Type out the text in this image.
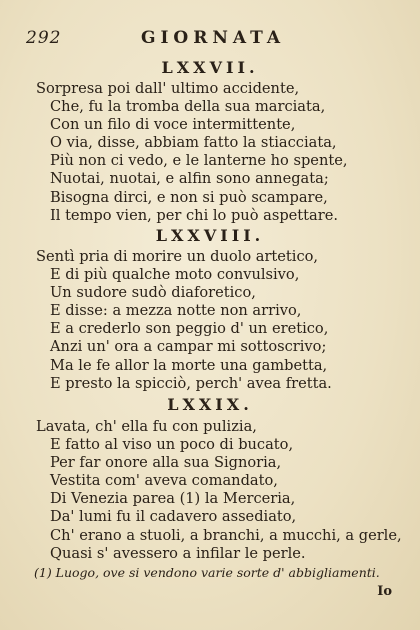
292	GIORNATA
LXXVII.
Sorpresa poi dall' ultimo accidente,
Che, fu la tromba della sua marciata,
Con un filo di voce intermittente,
O via, disse, abbiam fatto la stiacciata,
Più non ci vedo, e le lanterne ho spente,
Nuotai, nuotai, e alfin sono annegata;
Bisogna dirci, e non si può scampare,
Il tempo vien, per chi lo può aspettare.
LXXVIII.
Sentì pria di morire un duolo artetico,
E di più qualche moto convulsivo,
Un sudore sudò diaforetico,
E disse: a mezza notte non arrivo,
E a crederlo son peggio d' un eretico,
Anzi un' ora a campar mi sottoscrivo;
Ma le fe allor la morte una gambetta,
E presto la spicciò, perch' avea fretta.
LXXIX.
Lavata, ch' ella fu con pulizia,
E fatto al viso un poco di bucato,
Per far onore alla sua Signoria,
Vestita com' aveva comandato,
Di Venezia parea (1) la Merceria,
Da' lumi fu il cadavero assediato,
Ch' erano a stuoli, a branchi, a mucchi, a gerle,
Quasi s' avessero a infilar le perle.
(1) Luogo, ove si vendono varie sorte d' abbigliamenti.
Io
